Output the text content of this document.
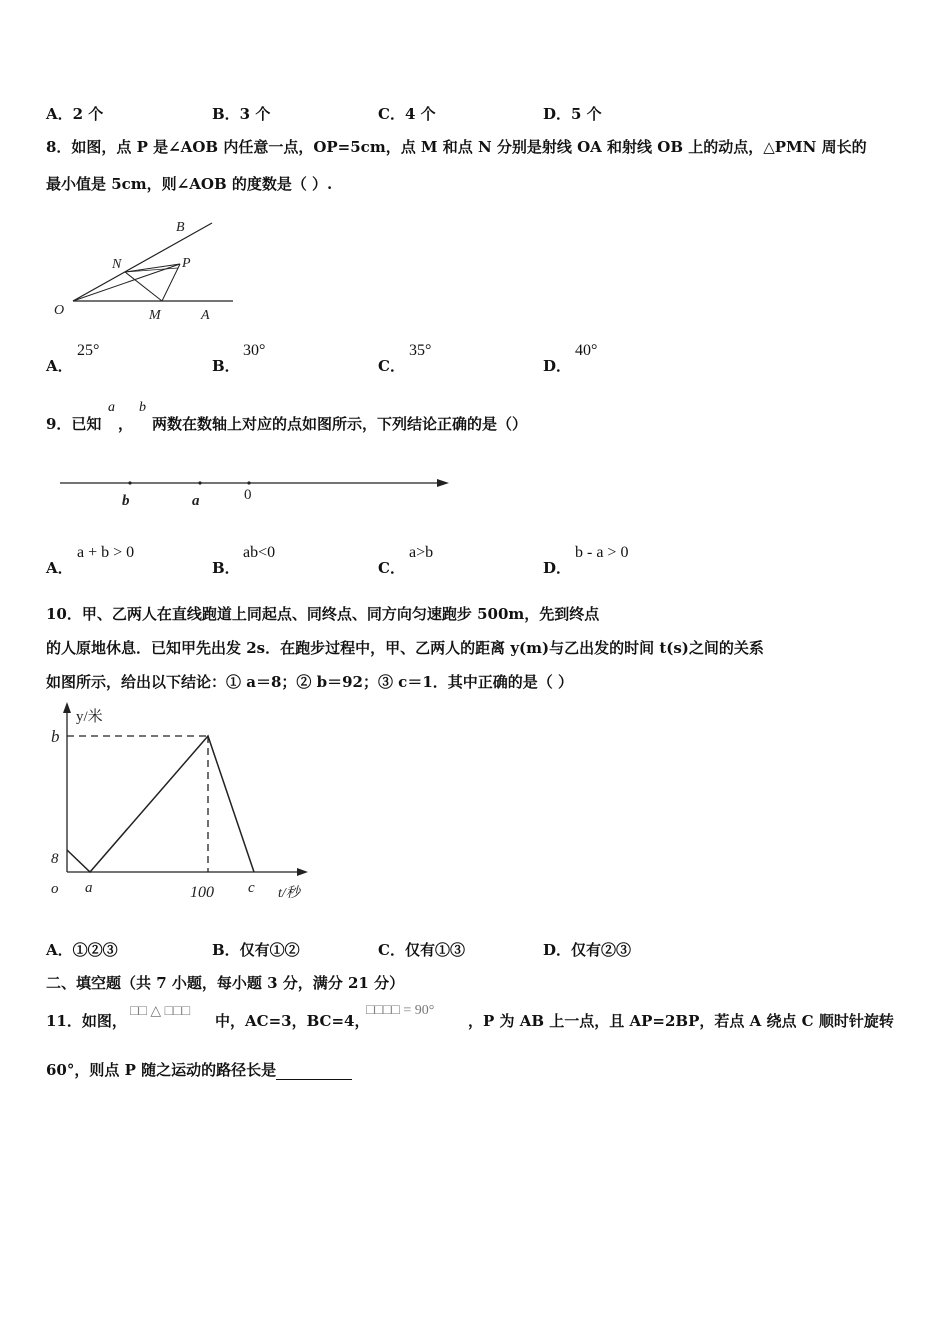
A．2 个	B．3 个	C．4 个	D．5 个
8．如图，点 P 是∠AOB 内任意一点，OP=5cm，点 M 和点 N 分别是射线 OA 和射线 OB 上的动点，△PMN 周长的
最小值是 5cm，则∠AOB 的度数是（ ）.
O	A
B
N	P
M
A．
25°
B．
30°
C．
35°
D．
40°
9．已知
a
，
b
两数在数轴上对应的点如图所示，下列结论正确的是（）
b	a	0
A．
a + b > 0
B．
ab<0
C．
a>b
D．
b - a > 0
10．甲、乙两人在直线跑道上同起点、同终点、同方向匀速跑步 500m，先到终点
的人原地休息．已知甲先出发 2s．在跑步过程中，甲、乙两人的距离 y(m)与乙出发的时间 t(s)之间的关系
如图所示，给出以下结论：① a＝8；② b＝92；③ c＝1．其中正确的是（ ）
y/米
b
8
o a	100 c t/秒
A．①②③	B．仅有①②	C．仅有①③	D．仅有②③
二、填空题（共 7 小题，每小题 3 分，满分 21 分）
11．如图，
□□ △ □□□
中，AC=3，BC=4，
□□□□ = 90°
，P 为 AB 上一点，且 AP=2BP，若点 A 绕点 C 顺时针旋转
60°，则点 P 随之运动的路径长是
